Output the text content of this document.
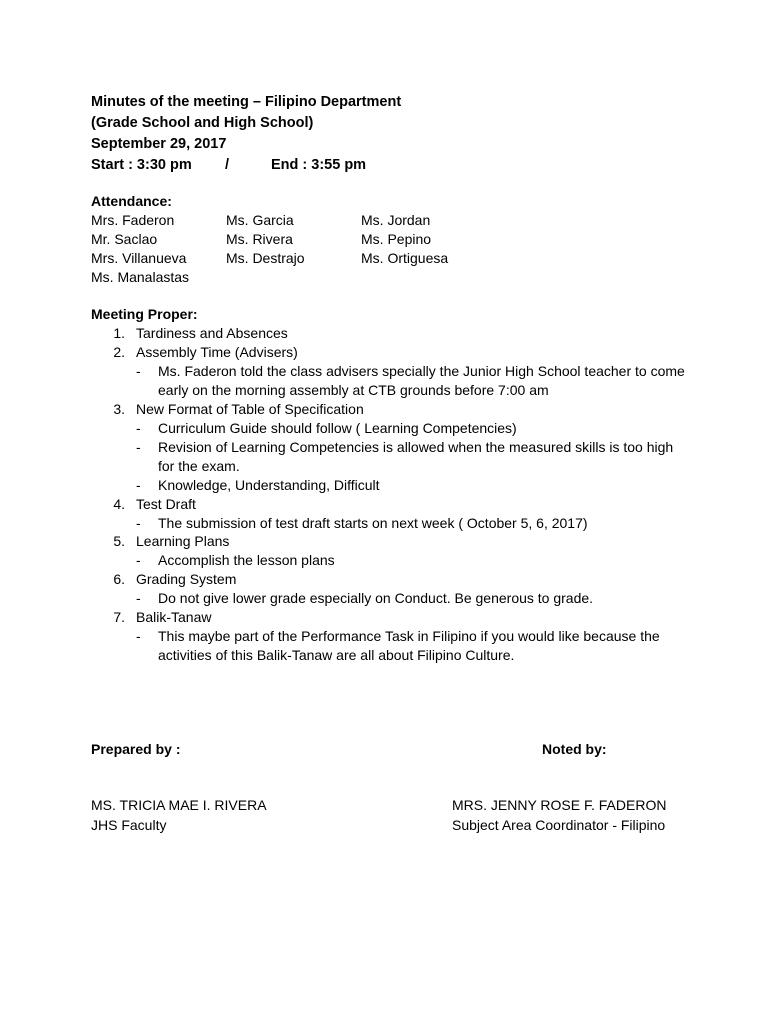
Minutes of the meeting – Filipino Department
(Grade School and High School)
September 29, 2017
Start : 3:30 pm /	End : 3:55 pm
Attendance:
Mrs. Faderon
Mr. Saclao
Mrs. Villanueva
Ms. Manalastas
Ms. Garcia
Ms. Rivera
Ms. Destrajo
Ms. Jordan
Ms. Pepino
Ms. Ortiguesa
Meeting Proper:
1. Tardiness and Absences
2. Assembly Time (Advisers)
- Ms. Faderon told the class advisers specially the Junior High School teacher to come
early on the morning assembly at CTB grounds before 7:00 am
3. New Format of Table of Specification
- Curriculum Guide should follow ( Learning Competencies)
- Revision of Learning Competencies is allowed when the measured skills is too high
for the exam.
- Knowledge, Understanding, Difficult
4. Test Draft
- The submission of test draft starts on next week ( October 5, 6, 2017)
5. Learning Plans
- Accomplish the lesson plans
6. Grading System
- Do not give lower grade especially on Conduct. Be generous to grade.
7. Balik-Tanaw
- This maybe part of the Performance Task in Filipino if you would like because the
activities of this Balik-Tanaw are all about Filipino Culture.
Prepared by :	Noted by:
MS. TRICIA MAE I. RIVERA
JHS Faculty
MRS. JENNY ROSE F. FADERON
Subject Area Coordinator - Filipino
